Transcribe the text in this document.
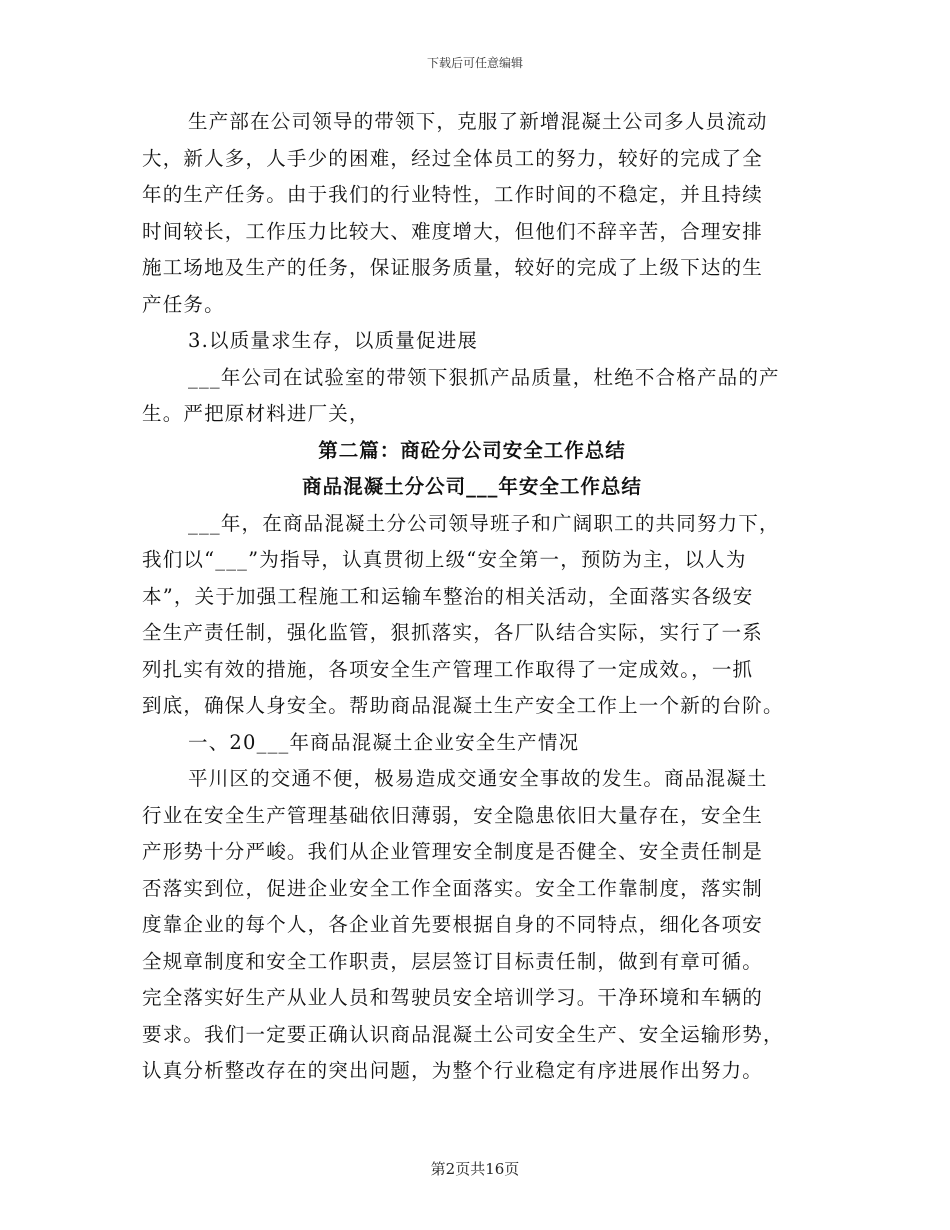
下载后可任意编辑
生产部在公司领导的带领下，克服了新增混凝土公司多人员流动
大，新人多，人手少的困难，经过全体员工的努力，较好的完成了全
年的生产任务。由于我们的行业特性，工作时间的不稳定，并且持续
时间较长，工作压力比较大、难度增大，但他们不辞辛苦，合理安排
施工场地及生产的任务，保证服务质量，较好的完成了上级下达的生
产任务。
3.以质量求生存，以质量促进展
___年公司在试验室的带领下狠抓产品质量，杜绝不合格产品的产
生。严把原材料进厂关，
第二篇：商砼分公司安全工作总结
商品混凝土分公司___年安全工作总结
___年，在商品混凝土分公司领导班子和广阔职工的共同努力下，
我们以“___”为指导，认真贯彻上级“安全第一，预防为主，以人为
本”，关于加强工程施工和运输车整治的相关活动，全面落实各级安
全生产责任制，强化监管，狠抓落实，各厂队结合实际，实行了一系
列扎实有效的措施，各项安全生产管理工作取得了一定成效。，一抓
到底，确保人身安全。帮助商品混凝土生产安全工作上一个新的台阶。
一、20___年商品混凝土企业安全生产情况
平川区的交通不便，极易造成交通安全事故的发生。商品混凝土
行业在安全生产管理基础依旧薄弱，安全隐患依旧大量存在，安全生
产形势十分严峻。我们从企业管理安全制度是否健全、安全责任制是
否落实到位，促进企业安全工作全面落实。安全工作靠制度，落实制
度靠企业的每个人，各企业首先要根据自身的不同特点，细化各项安
全规章制度和安全工作职责，层层签订目标责任制，做到有章可循。
完全落实好生产从业人员和驾驶员安全培训学习。干净环境和车辆的
要求。我们一定要正确认识商品混凝土公司安全生产、安全运输形势，
认真分析整改存在的突出问题，为整个行业稳定有序进展作出努力。
第2页共16页
